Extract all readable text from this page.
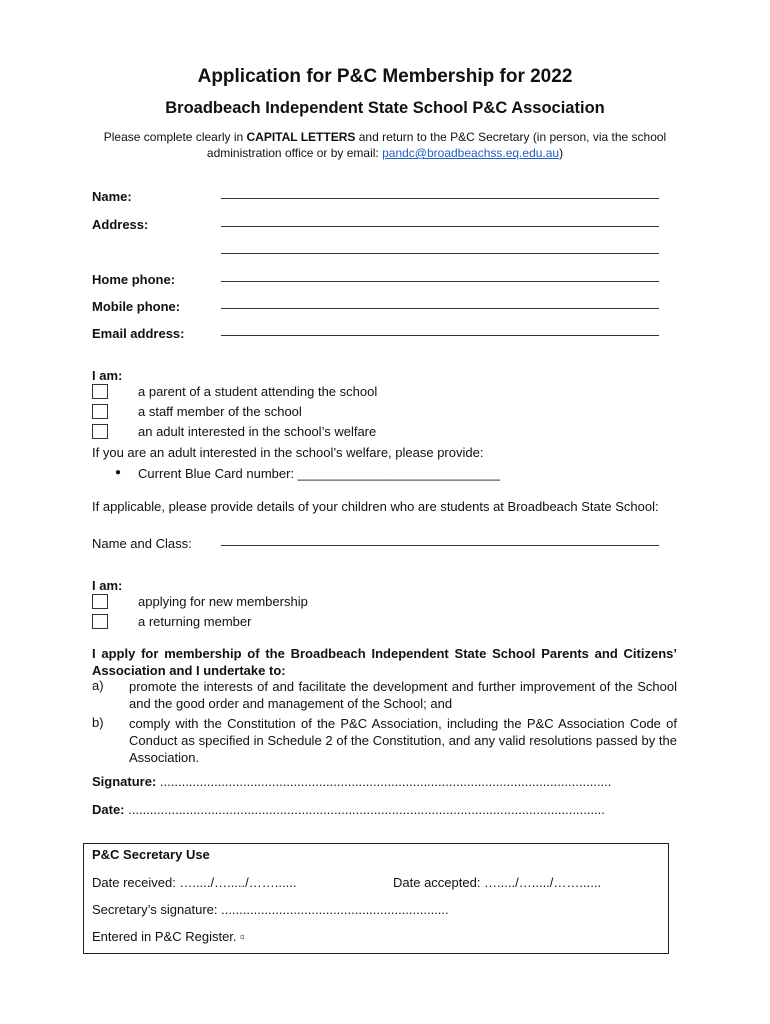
Application for P&C Membership for 2022
Broadbeach Independent State School P&C Association
Please complete clearly in CAPITAL LETTERS and return to the P&C Secretary (in person, via the school administration office or by email: pandc@broadbeachss.eq.edu.au)
Name:
Address:
Home phone:
Mobile phone:
Email address:
I am:
a parent of a student attending the school
a staff member of the school
an adult interested in the school’s welfare
If you are an adult interested in the school’s welfare, please provide:
● Current Blue Card number: ____________________________
If applicable, please provide details of your children who are students at Broadbeach State School:
Name and Class:
I am:
applying for new membership
a returning member
I apply for membership of the Broadbeach Independent State School Parents and Citizens’ Association and I undertake to:
a) promote the interests of and facilitate the development and further improvement of the School and the good order and management of the School; and
b) comply with the Constitution of the P&C Association, including the P&C Association Code of Conduct as specified in Schedule 2 of the Constitution, and any valid resolutions passed by the Association.
Signature: .............................................................................................................................
Date: ....................................................................................................................................
P&C Secretary Use
Date received: …...../…...../……......	Date accepted: …...../…...../……......
Secretary’s signature: ...............................................................
Entered in P&C Register. ▫
